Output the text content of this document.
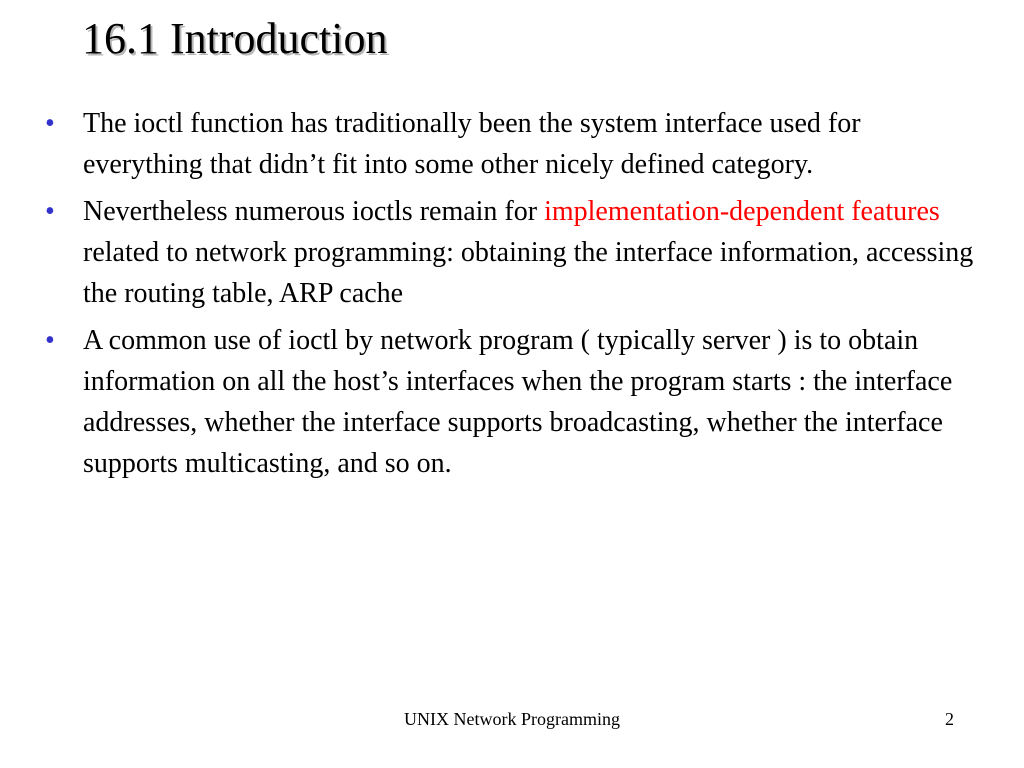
16.1 Introduction
• The ioctl function has traditionally been the system interface used for everything that didn’t fit into some other nicely defined category.
• Nevertheless numerous ioctls remain for implementation-dependent features related to network programming: obtaining the interface information, accessing the routing table, ARP cache
• A common use of ioctl by network program ( typically server ) is to obtain information on all the host’s interfaces when the program starts : the interface addresses, whether the interface supports broadcasting, whether the interface supports multicasting, and so on.
UNIX Network Programming	2
